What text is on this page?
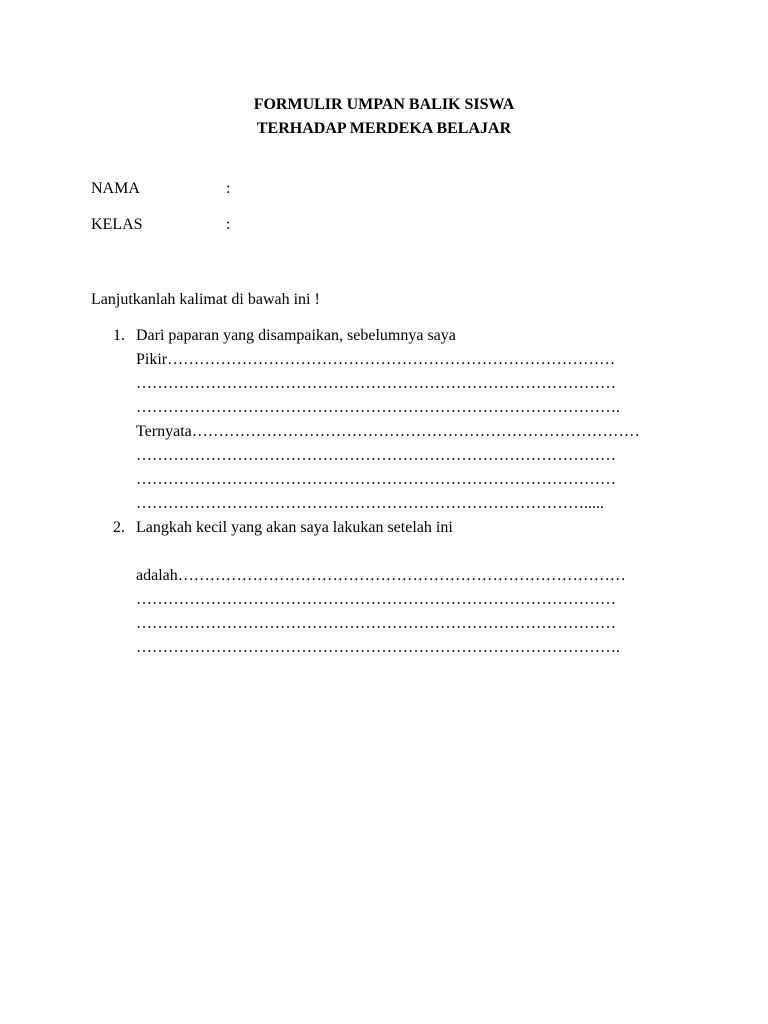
FORMULIR UMPAN BALIK SISWA
TERHADAP MERDEKA BELAJAR
NAMA	:
KELAS	:
Lanjutkanlah kalimat di bawah ini !
1. Dari paparan yang disampaikan, sebelumnya saya
Pikir…………………………………………………………………………
………………………………………………………………………………
……………………………………………………………………………….
Ternyata…………………………………………………………………………
………………………………………………………………………………
………………………………………………………………………………
………………………………………………………………………….....
2. Langkah kecil yang akan saya lakukan setelah ini
adalah…………………………………………………………………………
………………………………………………………………………………
………………………………………………………………………………
……………………………………………………………………………….
